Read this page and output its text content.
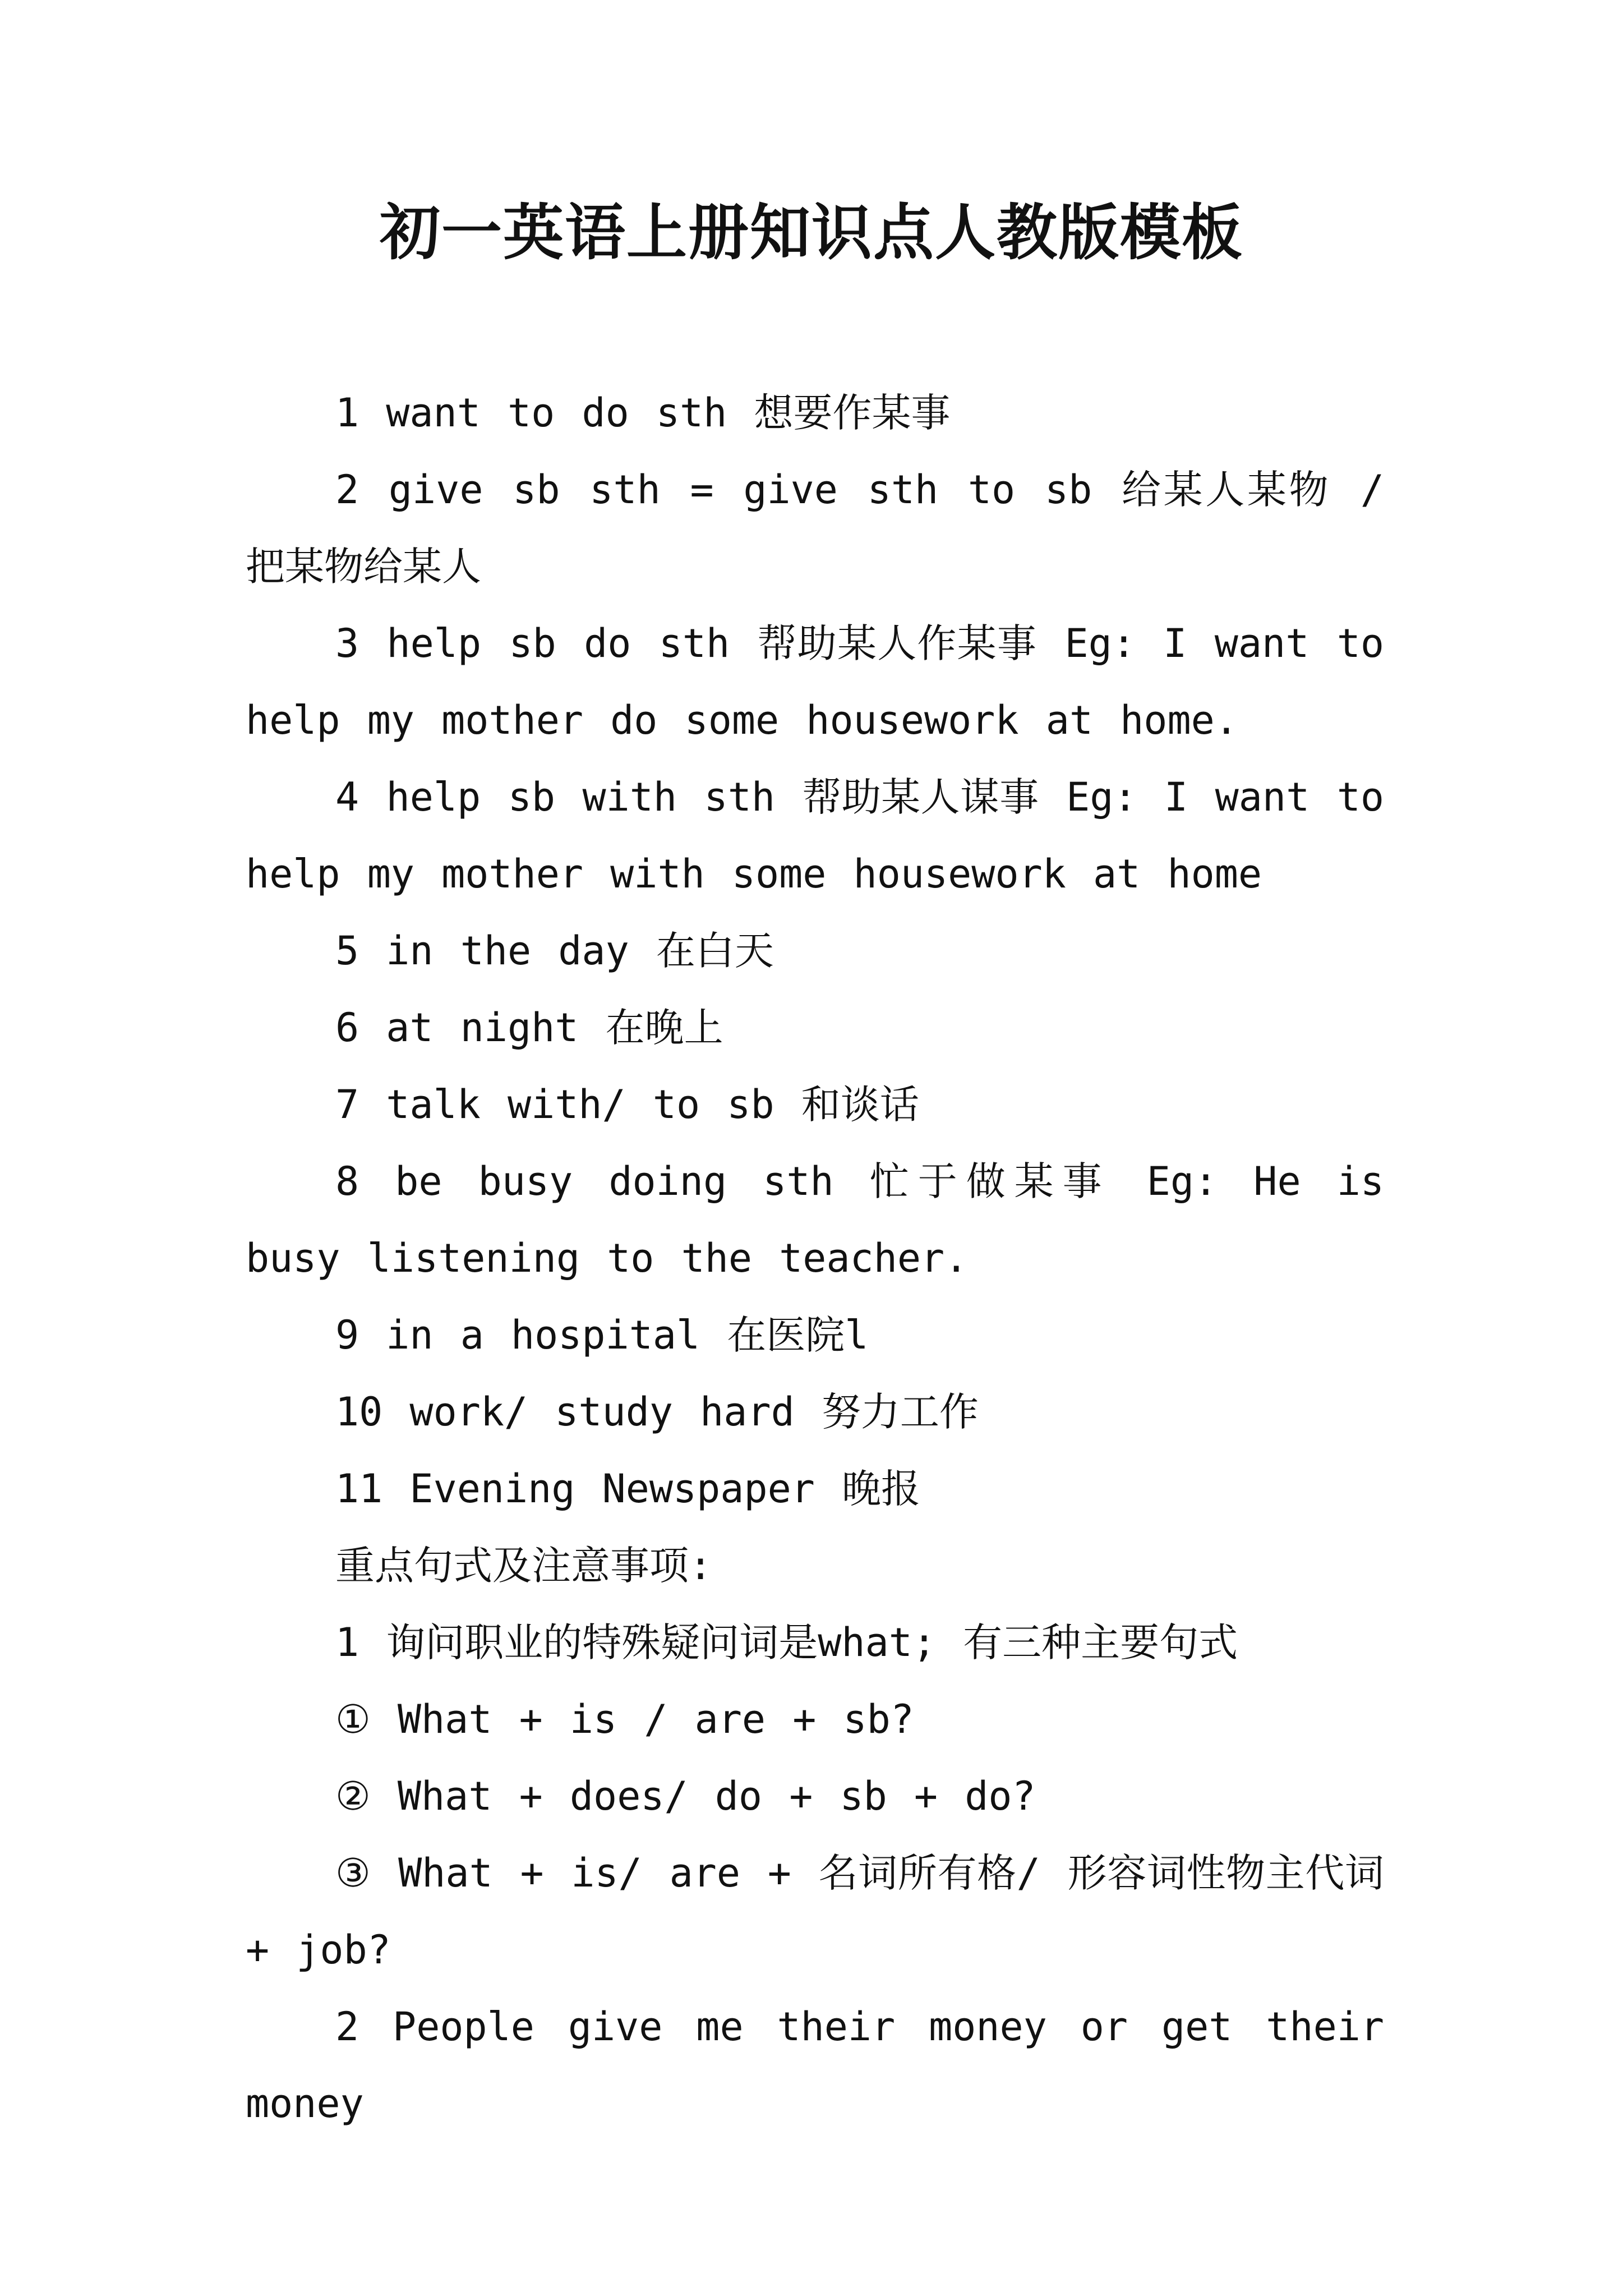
初一英语上册知识点人教版模板

1 want to do sth 想要作某事

2 give sb sth = give sth to sb 给某人某物 / 把某物给某人

3 help sb do sth 帮助某人作某事 Eg: I want to help my mother do some housework at home.

4 help sb with sth 帮助某人谋事 Eg: I want to help my mother with some housework at home

5 in the day 在白天

6 at night 在晚上

7 talk with/ to sb 和谈话

8 be busy doing sth 忙于做某事 Eg: He is busy listening to the teacher.

9 in a hospital 在医院l

10 work/ study hard 努力工作

11 Evening Newspaper 晚报

重点句式及注意事项:

1 询问职业的特殊疑问词是what; 有三种主要句式

① What + is / are + sb?

② What + does/ do + sb + do?

③ What + is/ are + 名词所有格/ 形容词性物主代词 + job?

2 People give me their money or get their money
